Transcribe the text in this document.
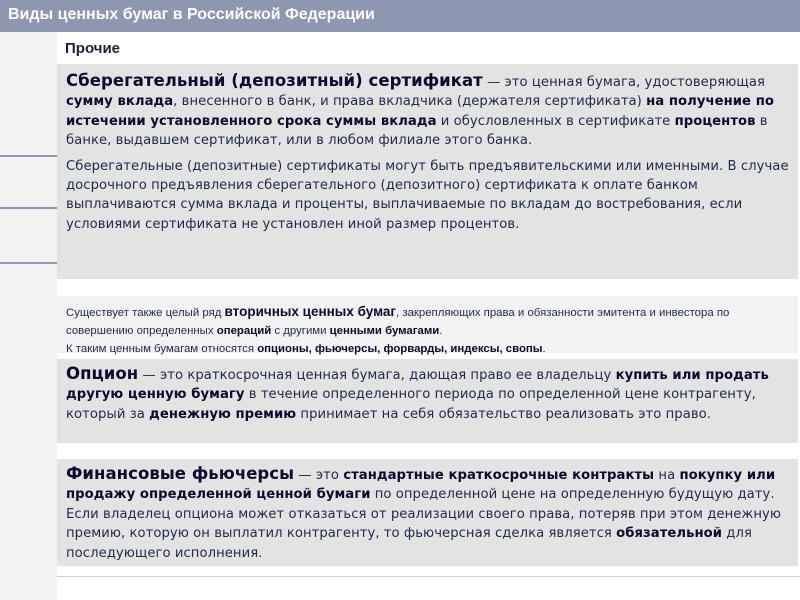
Виды ценных бумаг в Российской Федерации
Прочие

Сберегательный (депозитный) сертификат — это ценная бумага, удостоверяющая сумму вклада, внесенного в банк, и права вкладчика (держателя сертификата) на получение по истечении установленного срока суммы вклада и обусловленных в сертификате процентов в банке, выдавшем сертификат, или в любом филиале этого банка.

Сберегательные (депозитные) сертификаты могут быть предъявительскими или именными. В случае досрочного предъявления сберегательного (депозитного) сертификата к оплате банком выплачиваются сумма вклада и проценты, выплачиваемые по вкладам до востребования, если условиями сертификата не установлен иной размер процентов.

Существует также целый ряд вторичных ценных бумаг, закрепляющих права и обязанности эмитента и инвестора по совершению определенных операций с другими ценными бумагами.

К таким ценным бумагам относятся опционы, фьючерсы, форварды, индексы, свопы.

Опцион — это краткосрочная ценная бумага, дающая право ее владельцу купить или продать другую ценную бумагу в течение определенного периода по определенной цене контрагенту, который за денежную премию принимает на себя обязательство реализовать это право.

Финансовые фьючерсы — это стандартные краткосрочные контракты на покупку или продажу определенной ценной бумаги по определенной цене на определенную будущую дату. Если владелец опциона может отказаться от реализации своего права, потеряв при этом денежную премию, которую он выплатил контрагенту, то фьючерсная сделка является обязательной для последующего исполнения.
